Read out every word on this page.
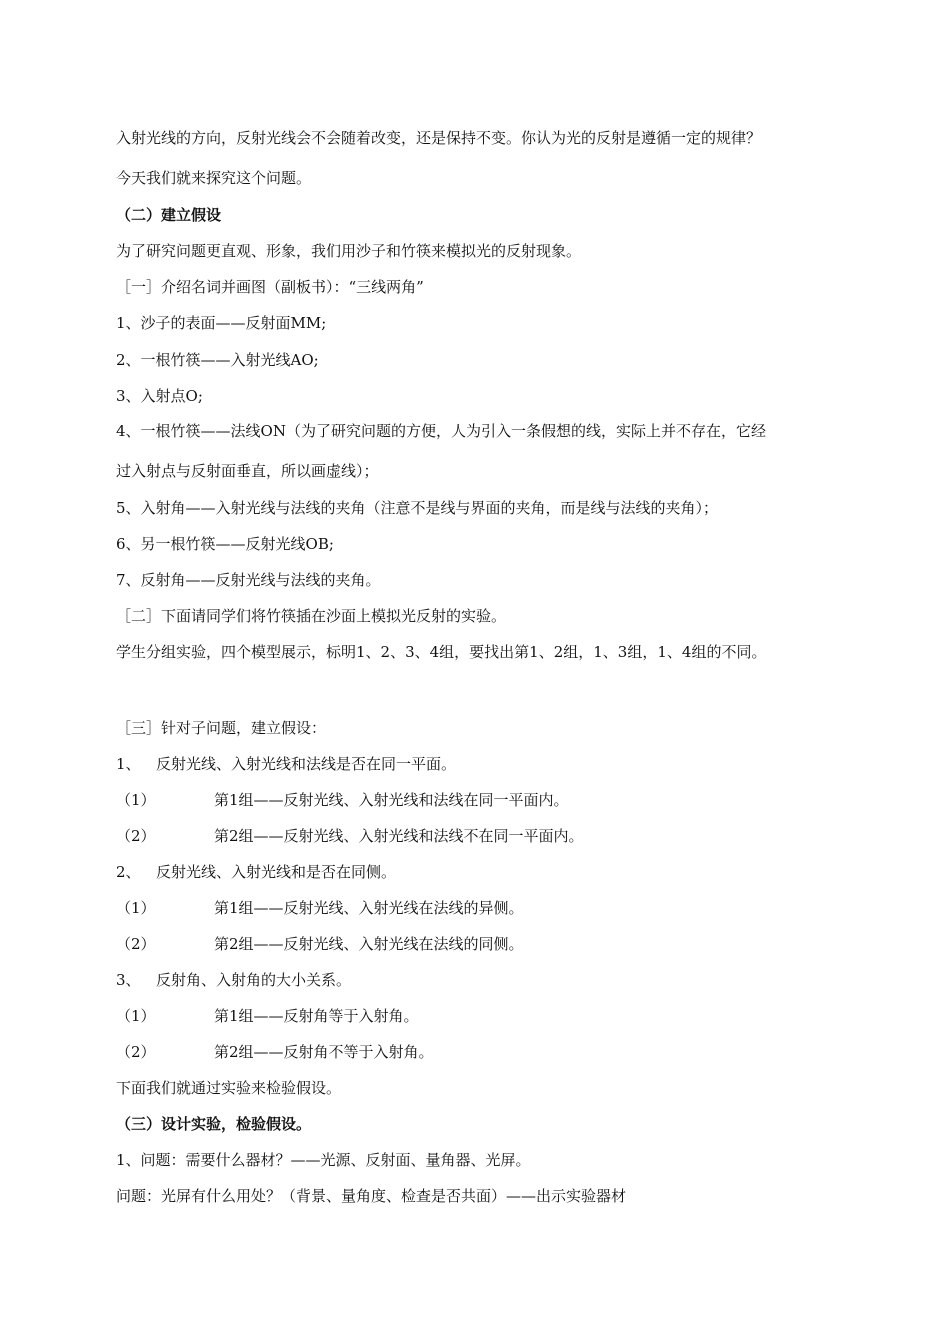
入射光线的方向，反射光线会不会随着改变，还是保持不变。你认为光的反射是遵循一定的规律？
今天我们就来探究这个问题。
（二）建立假设
为了研究问题更直观、形象，我们用沙子和竹筷来模拟光的反射现象。
［一］介绍名词并画图（副板书）：“三线两角”
1、沙子的表面——反射面MM;
2、一根竹筷——入射光线AO;
3、入射点O;
4、一根竹筷——法线ON（为了研究问题的方便，人为引入一条假想的线，实际上并不存在，它经
过入射点与反射面垂直，所以画虚线）；
5、入射角——入射光线与法线的夹角（注意不是线与界面的夹角，而是线与法线的夹角）；
6、另一根竹筷——反射光线OB;
7、反射角——反射光线与法线的夹角。
［二］下面请同学们将竹筷插在沙面上模拟光反射的实验。
学生分组实验，四个模型展示，标明1、2、3、4组，要找出第1、2组，1、3组，1、4组的不同。
［三］针对子问题，建立假设：
1、 反射光线、入射光线和法线是否在同一平面。
（1）	第1组——反射光线、入射光线和法线在同一平面内。
（2）	第2组——反射光线、入射光线和法线不在同一平面内。
2、 反射光线、入射光线和是否在同侧。
（1）	第1组——反射光线、入射光线在法线的异侧。
（2）	第2组——反射光线、入射光线在法线的同侧。
3、 反射角、入射角的大小关系。
（1）	第1组——反射角等于入射角。
（2）	第2组——反射角不等于入射角。
下面我们就通过实验来检验假设。
（三）设计实验，检验假设。
1、问题：需要什么器材？——光源、反射面、量角器、光屏。
问题：光屏有什么用处？（背景、量角度、检查是否共面）——出示实验器材
